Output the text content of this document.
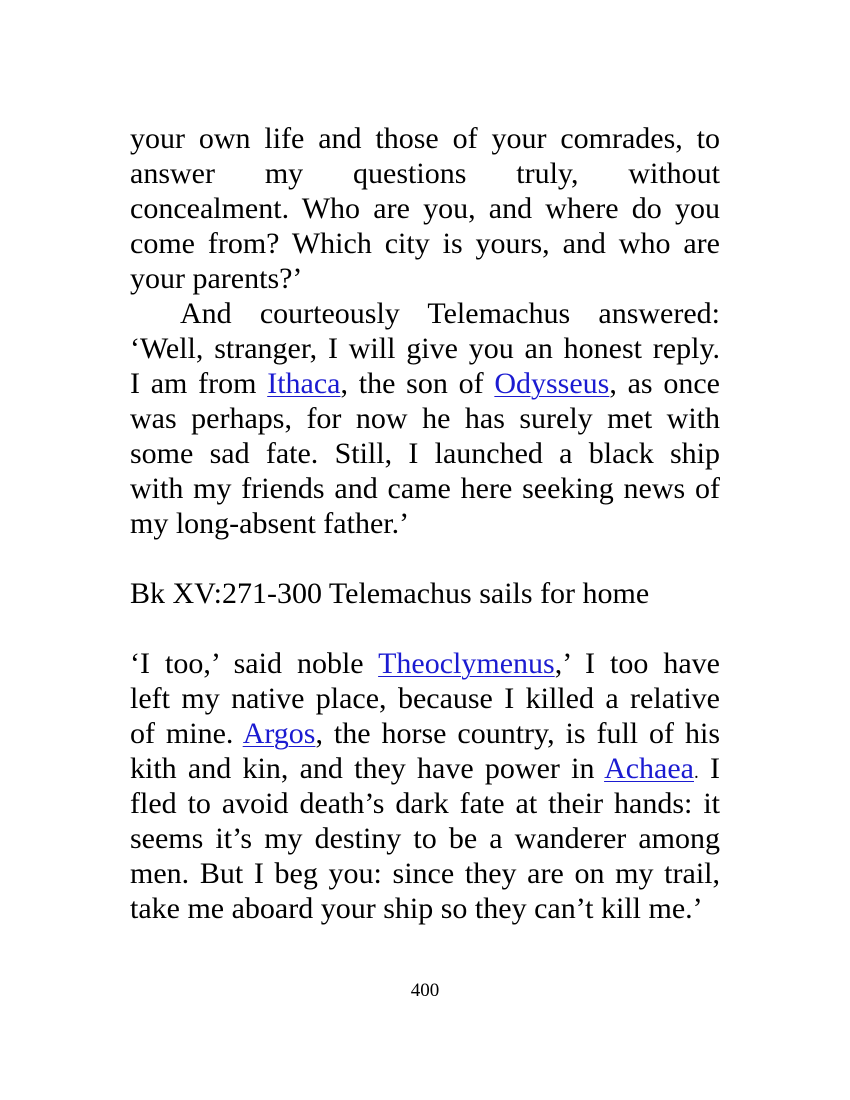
your own life and those of your comrades, to
answer my questions truly, without
concealment. Who are you, and where do you
come from? Which city is yours, and who are
your parents?’
And courteously Telemachus answered:
‘Well, stranger, I will give you an honest reply.
I am from Ithaca, the son of Odysseus, as once
was perhaps, for now he has surely met with
some sad fate. Still, I launched a black ship
with my friends and came here seeking news of
my long-absent father.’
Bk XV:271-300 Telemachus sails for home
‘I too,’ said noble Theoclymenus,’ I too have
left my native place, because I killed a relative
of mine. Argos, the horse country, is full of his
kith and kin, and they have power in Achaea. I
fled to avoid death’s dark fate at their hands: it
seems it’s my destiny to be a wanderer among
men. But I beg you: since they are on my trail,
take me aboard your ship so they can’t kill me.’
400
